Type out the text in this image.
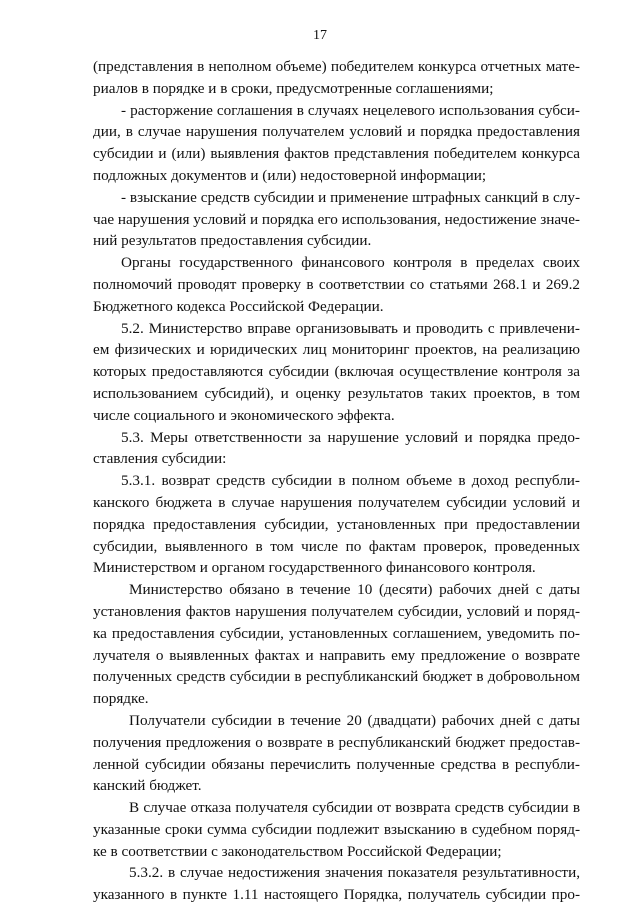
17
(представления в неполном объеме) победителем конкурса отчетных мате-
риалов в порядке и в сроки, предусмотренные соглашениями;
- расторжение соглашения в случаях нецелевого использования субси-
дии, в случае нарушения получателем условий и порядка предоставления
субсидии и (или) выявления фактов представления победителем конкурса
подложных документов и (или) недостоверной информации;
- взыскание средств субсидии и применение штрафных санкций в слу-
чае нарушения условий и порядка его использования, недостижение значе-
ний результатов предоставления субсидии.
Органы государственного финансового контроля в пределах своих
полномочий проводят проверку в соответствии со статьями 268.1 и 269.2
Бюджетного кодекса Российской Федерации.
5.2. Министерство вправе организовывать и проводить с привлечени-
ем физических и юридических лиц мониторинг проектов, на реализацию
которых предоставляются субсидии (включая осуществление контроля за
использованием субсидий), и оценку результатов таких проектов, в том
числе социального и экономического эффекта.
5.3. Меры ответственности за нарушение условий и порядка предо-
ставления субсидии:
5.3.1. возврат средств субсидии в полном объеме в доход республи-
канского бюджета в случае нарушения получателем субсидии условий и
порядка предоставления субсидии, установленных при предоставлении
субсидии, выявленного в том числе по фактам проверок, проведенных
Министерством и органом государственного финансового контроля.
Министерство обязано в течение 10 (десяти) рабочих дней с даты
установления фактов нарушения получателем субсидии, условий и поряд-
ка предоставления субсидии, установленных соглашением, уведомить по-
лучателя о выявленных фактах и направить ему предложение о возврате
полученных средств субсидии в республиканский бюджет в добровольном
порядке.
Получатели субсидии в течение 20 (двадцати) рабочих дней с даты
получения предложения о возврате в республиканский бюджет предостав-
ленной субсидии обязаны перечислить полученные средства в республи-
канский бюджет.
В случае отказа получателя субсидии от возврата средств субсидии в
указанные сроки сумма субсидии подлежит взысканию в судебном поряд-
ке в соответствии с законодательством Российской Федерации;
5.3.2. в случае недостижения значения показателя результативности,
указанного в пункте 1.11 настоящего Порядка, получатель субсидии про-
